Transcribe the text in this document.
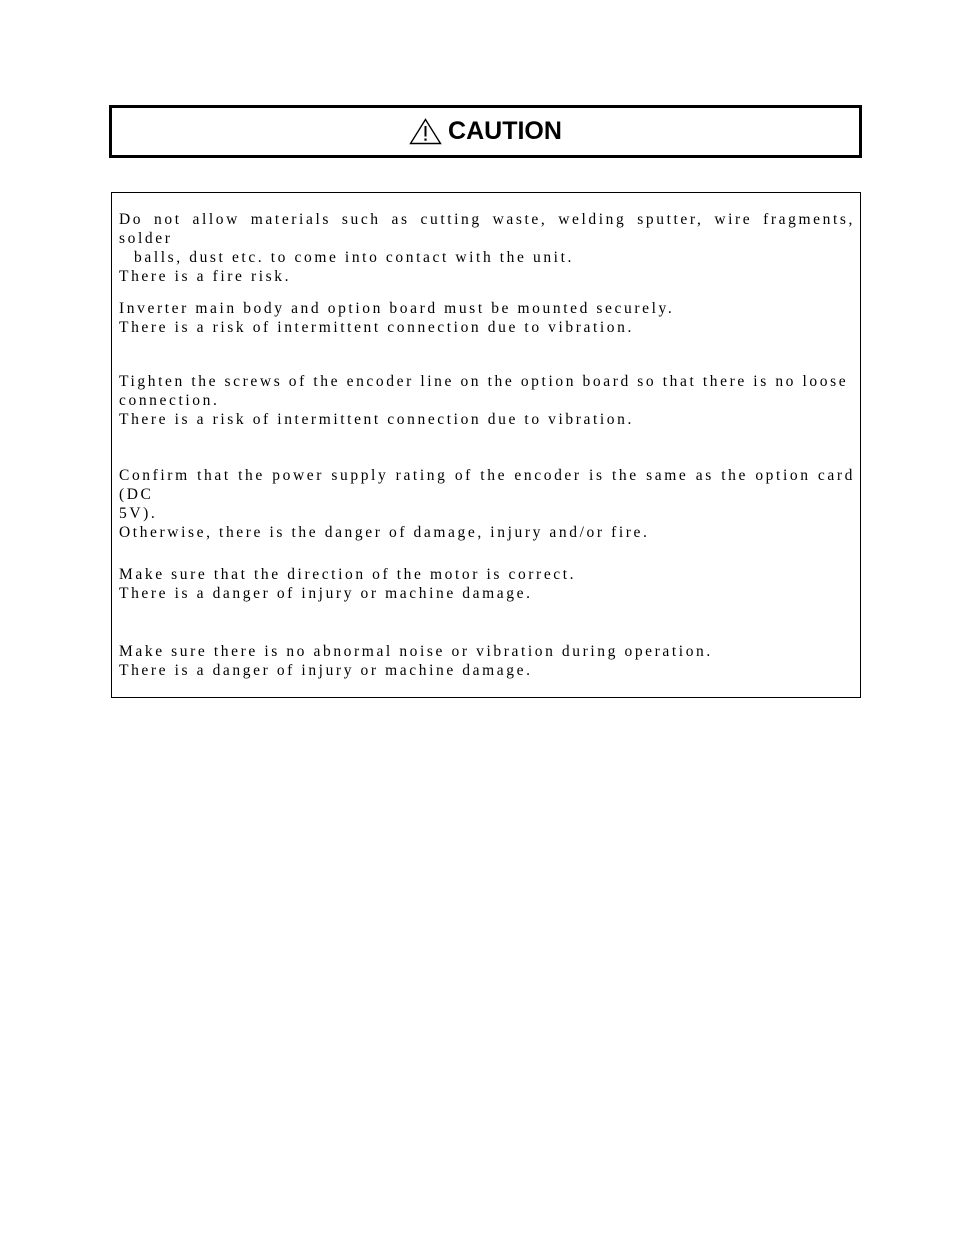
CAUTION

Do not allow materials such as cutting waste, welding sputter, wire fragments, solder

balls, dust etc. to come into contact with the unit.

There is a fire risk.

Inverter main body and option board must be mounted securely.

There is a risk of intermittent connection due to vibration.

Tighten the screws of the encoder line on the option board so that there is no loose

connection.

There is a risk of intermittent connection due to vibration.

Confirm that the power supply rating of the encoder is the same as the option card (DC

5V).

Otherwise, there is the danger of damage, injury and/or fire.

Make sure that the direction of the motor is correct.

There is a danger of injury or machine damage.

Make sure there is no abnormal noise or vibration during operation.

There is a danger of injury or machine damage.
